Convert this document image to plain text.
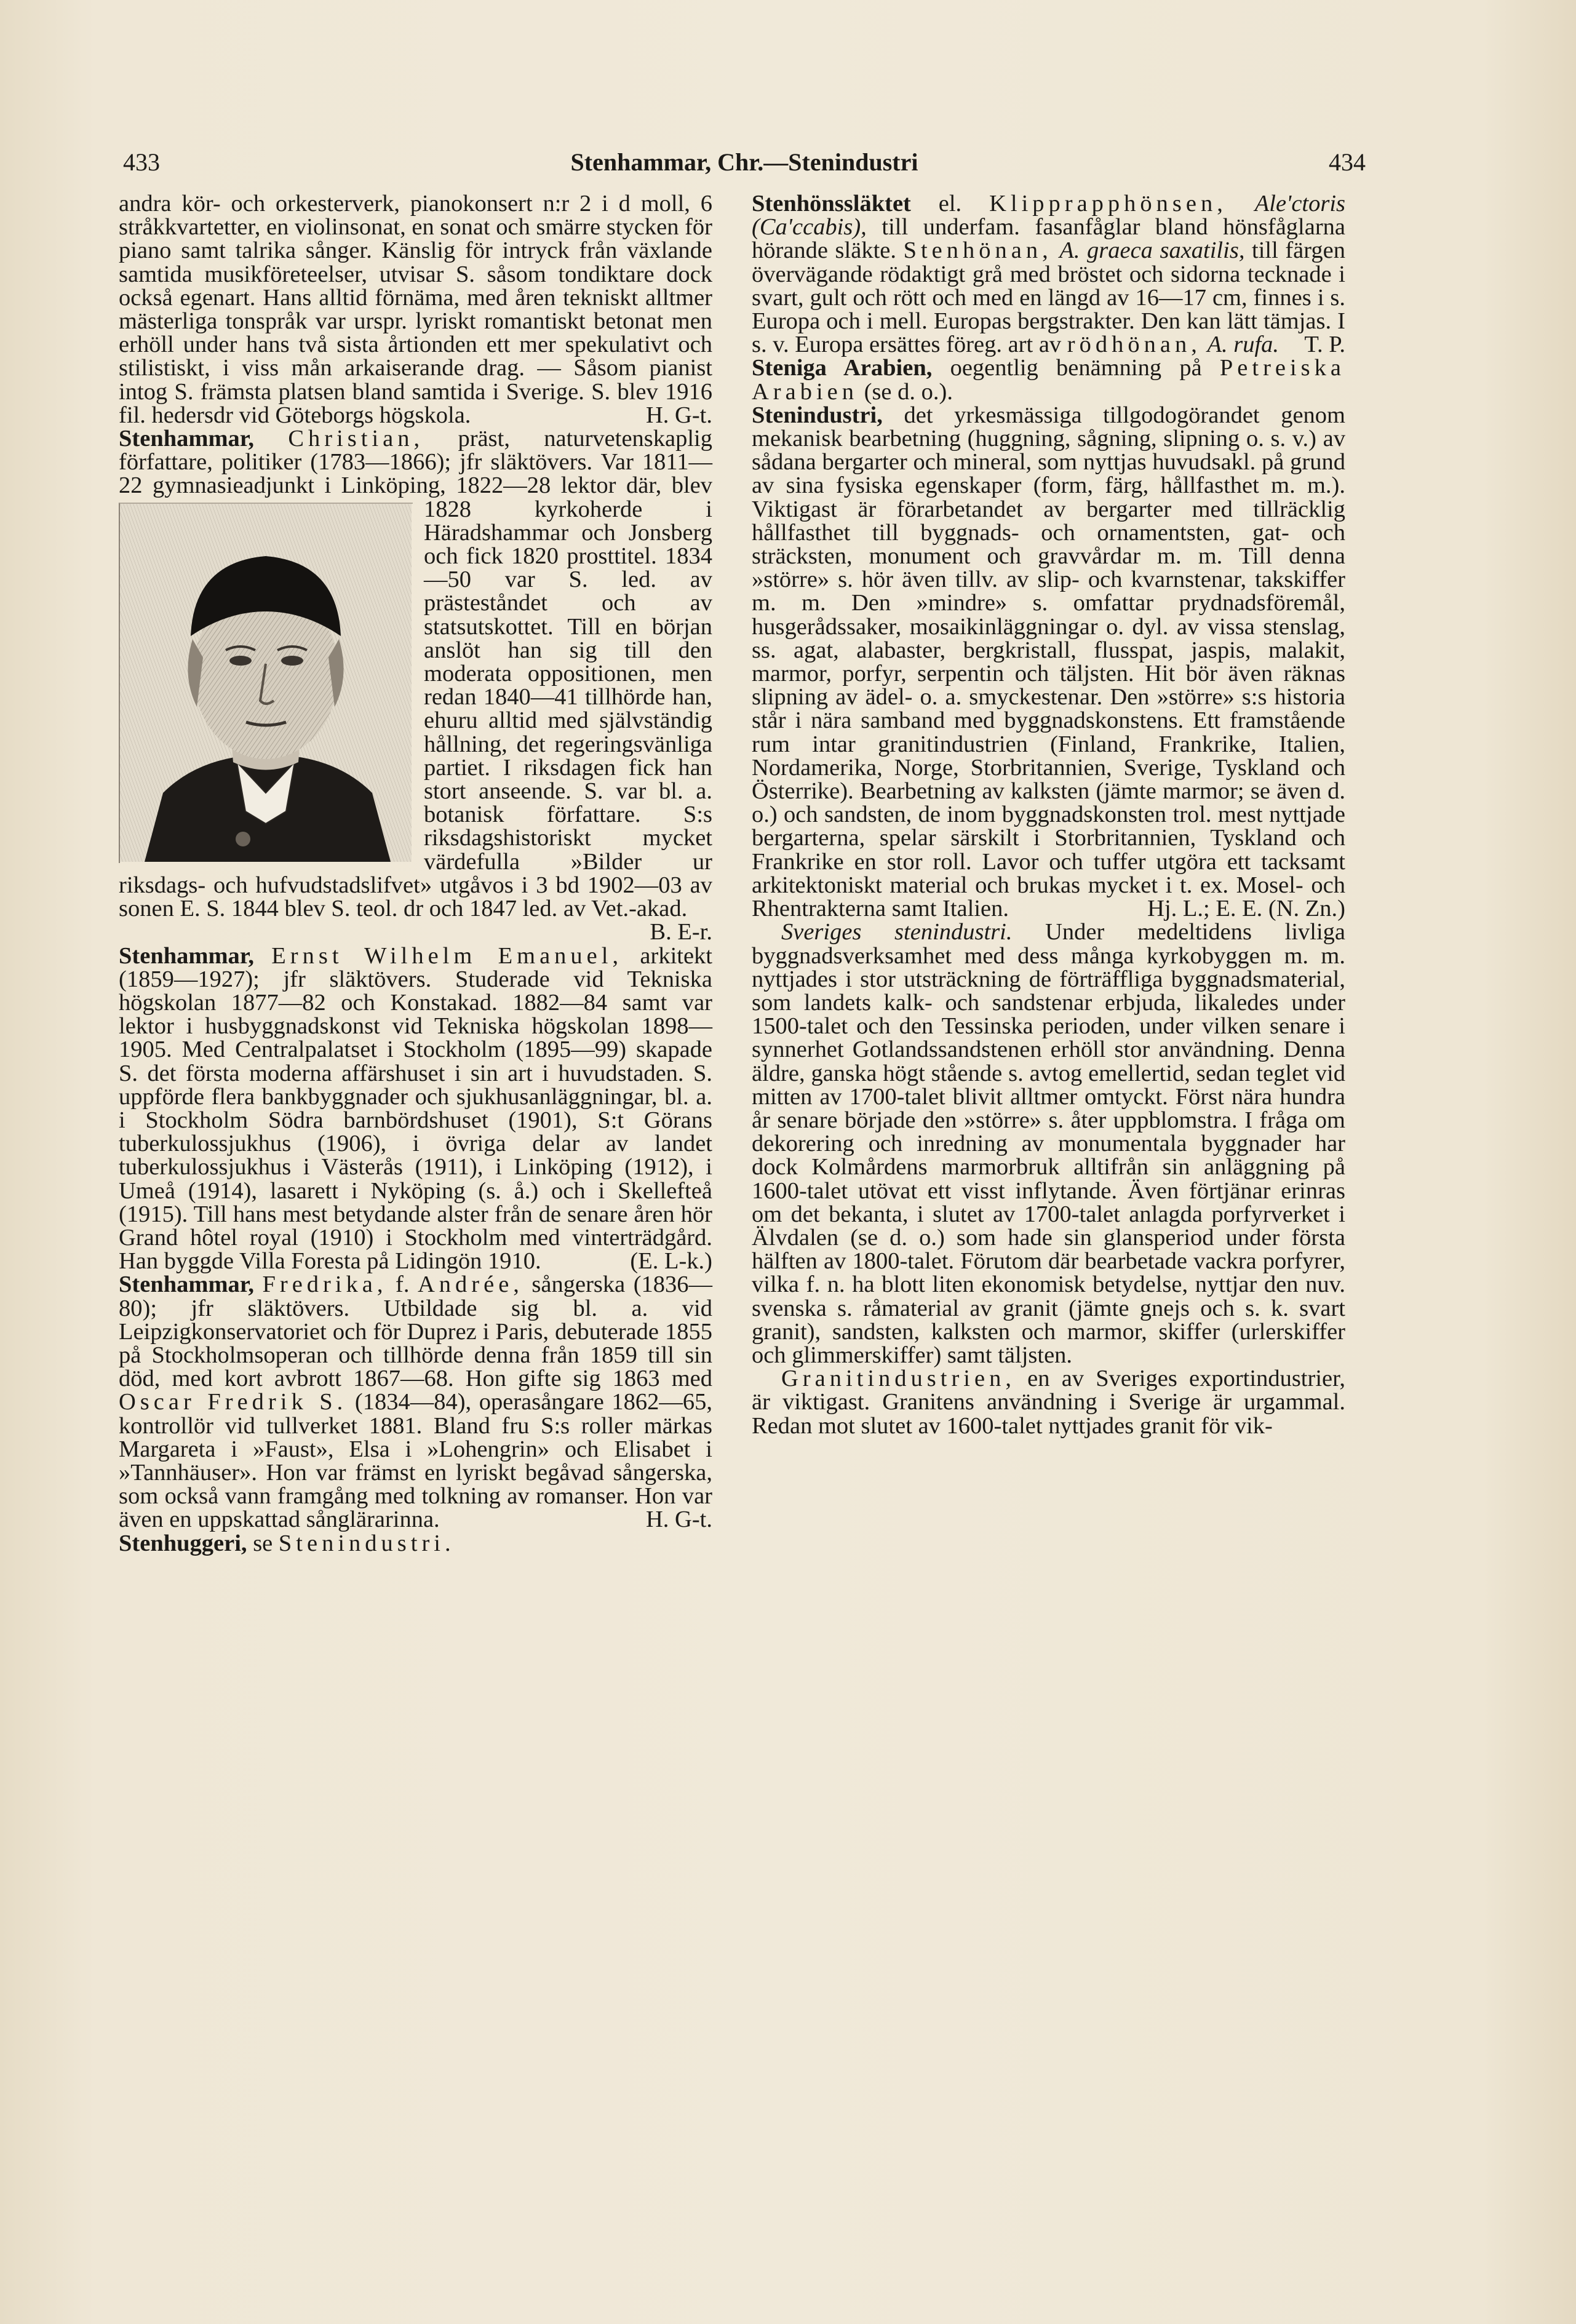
Stenhammar, Chr.—Stenindustri
433	434

andra kör- och orkesterverk, pianokonsert n:r 2 i d moll, 6 stråkkvartetter, en violinsonat, en sonat och smärre stycken för piano samt talrika sånger. Känslig för intryck från växlande samtida musikföreteelser, utvisar S. såsom tondiktare dock också egenart. Hans alltid förnäma, med åren tekniskt alltmer mästerliga tonspråk var urspr. lyriskt romantiskt betonat men erhöll under hans två sista årtionden ett mer spekulativt och stilistiskt, i viss mån arkaiserande drag. — Såsom pianist intog S. främsta platsen bland samtida i Sverige. S. blev 1916 fil. hedersdr vid Göteborgs högskola.	H. G-t.

Stenhammar, Christian, präst, naturvetenskaplig författare, politiker (1783—1866); jfr släktövers. Var 1811—22 gymnasieadjunkt i Linköping, 1822—28 lektor där, blev 1828 kyrkoherde i Häradshammar och Jonsberg och fick 1820 prosttitel. 1834—50 var S. led. av prästeståndet och av statsutskottet. Till en början anslöt han sig till den moderata oppositionen, men redan 1840—41 tillhörde han, ehuru alltid med självständig hållning, det regeringsvänliga partiet. I riksdagen fick han stort anseende. S. var bl. a. botanisk författare. S:s riksdagshistoriskt mycket värdefulla »Bilder ur riksdags- och hufvudstadslifvet» utgåvos i 3 bd 1902—03 av sonen E. S. 1844 blev S. teol. dr och 1847 led. av Vet.-akad.
B. E-r.

Stenhammar, Ernst Wilhelm Emanuel, arkitekt (1859—1927); jfr släktövers. Studerade vid Tekniska högskolan 1877—82 och Konstakad. 1882—84 samt var lektor i husbyggnadskonst vid Tekniska högskolan 1898—1905. Med Centralpalatset i Stockholm (1895—99) skapade S. det första moderna affärshuset i sin art i huvudstaden. S. uppförde flera bankbyggnader och sjukhusanläggningar, bl. a. i Stockholm Södra barnbördshuset (1901), S:t Görans tuberkulossjukhus (1906), i övriga delar av landet tuberkulossjukhus i Västerås (1911), i Linköping (1912), i Umeå (1914), lasarett i Nyköping (s. å.) och i Skellefteå (1915). Till hans mest betydande alster från de senare åren hör Grand hôtel royal (1910) i Stockholm med vinterträdgård. Han byggde Villa Foresta på Lidingön 1910.	(E. L-k.)

Stenhammar, Fredrika, f. Andrée, sångerska (1836—80); jfr släktövers. Utbildade sig bl. a. vid Leipzigkonservatoriet och för Duprez i Paris, debuterade 1855 på Stockholmsoperan och tillhörde denna från 1859 till sin död, med kort avbrott 1867—68. Hon gifte sig 1863 med Oscar Fredrik S. (1834—84), operasångare 1862—65, kontrollör vid tullverket 1881. Bland fru S:s roller märkas Margareta i »Faust», Elsa i »Lohengrin» och Elisabet i »Tannhäuser». Hon var främst en lyriskt begåvad sångerska, som också vann framgång med tolkning av romanser. Hon var även en uppskattad sånglärarinna.	H. G-t.

Stenhuggeri, se Stenindustri.

Stenhönssläktet el. Klipprapphönsen, Ale'ctoris (Ca'ccabis), till underfam. fasanfåglar bland hönsfåglarna hörande släkte. Stenhönan, A. graeca saxatilis, till färgen övervägande rödaktigt grå med bröstet och sidorna tecknade i svart, gult och rött och med en längd av 16—17 cm, finnes i s. Europa och i mell. Europas bergstrakter. Den kan lätt tämjas. I s. v. Europa ersättes föreg. art av rödhönan, A. rufa. T. P.

Steniga Arabien, oegentlig benämning på Petreiska Arabien (se d. o.).

Stenindustri, det yrkesmässiga tillgodogörandet genom mekanisk bearbetning (huggning, sågning, slipning o. s. v.) av sådana bergarter och mineral, som nyttjas huvudsakl. på grund av sina fysiska egenskaper (form, färg, hållfasthet m. m.). Viktigast är förarbetandet av bergarter med tillräcklig hållfasthet till byggnads- och ornamentsten, gat- och sträcksten, monument och gravvårdar m. m. Till denna »större» s. hör även tillv. av slip- och kvarnstenar, takskiffer m. m. Den »mindre» s. omfattar prydnadsföremål, husgerådssaker, mosaikinläggningar o. dyl. av vissa stenslag, ss. agat, alabaster, bergkristall, flusspat, jaspis, malakit, marmor, porfyr, serpentin och täljsten. Hit bör även räknas slipning av ädel- o. a. smyckestenar. Den »större» s:s historia står i nära samband med byggnadskonstens. Ett framstående rum intar granitindustrien (Finland, Frankrike, Italien, Nordamerika, Norge, Storbritannien, Sverige, Tyskland och Österrike). Bearbetning av kalksten (jämte marmor; se även d. o.) och sandsten, de inom byggnadskonsten trol. mest nyttjade bergarterna, spelar särskilt i Storbritannien, Tyskland och Frankrike en stor roll. Lavor och tuffer utgöra ett tacksamt arkitektoniskt material och brukas mycket i t. ex. Mosel- och Rhentrakterna samt Italien.	Hj. L.; E. E. (N. Zn.)

Sveriges stenindustri. Under medeltidens livliga byggnadsverksamhet med dess många kyrkobyggen m. m. nyttjades i stor utsträckning de förträffliga byggnadsmaterial, som landets kalk- och sandstenar erbjuda, likaledes under 1500-talet och den Tessinska perioden, under vilken senare i synnerhet Gotlandssandstenen erhöll stor användning. Denna äldre, ganska högt stående s. avtog emellertid, sedan teglet vid mitten av 1700-talet blivit alltmer omtyckt. Först nära hundra år senare började den »större» s. åter uppblomstra. I fråga om dekorering och inredning av monumentala byggnader har dock Kolmårdens marmorbruk alltifrån sin anläggning på 1600-talet utövat ett visst inflytande. Även förtjänar erinras om det bekanta, i slutet av 1700-talet anlagda porfyrverket i Älvdalen (se d. o.) som hade sin glansperiod under första hälften av 1800-talet. Förutom där bearbetade vackra porfyrer, vilka f. n. ha blott liten ekonomisk betydelse, nyttjar den nuv. svenska s. råmaterial av granit (jämte gnejs och s. k. svart granit), sandsten, kalksten och marmor, skiffer (urlerskiffer och glimmerskiffer) samt täljsten.

Granitindustrien, en av Sveriges exportindustrier, är viktigast. Granitens användning i Sverige är urgammal. Redan mot slutet av 1600-talet nyttjades granit för vik-
